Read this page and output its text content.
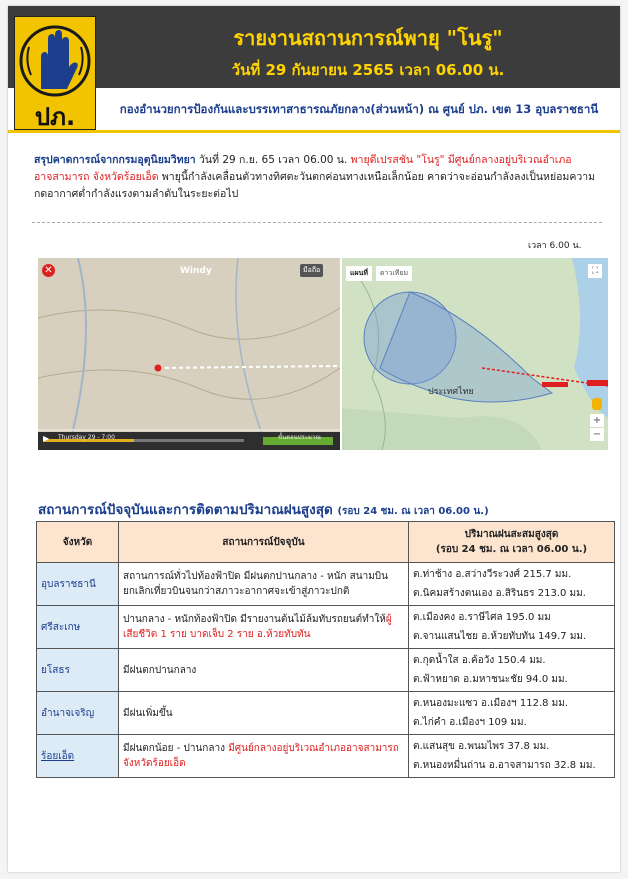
ปภ.
รายงานสถานการณ์พายุ "โนรู"
วันที่ 29 กันยายน 2565 เวลา 06.00 น.
กองอำนวยการป้องกันและบรรเทาสาธารณภัยกลาง(ส่วนหน้า) ณ ศูนย์ ปภ. เขต 13 อุบลราชธานี
สรุปคาดการณ์จากกรมอุตุนิยมวิทยา วันที่ 29 ก.ย. 65 เวลา 06.00 น. พายุดีเปรสชัน "โนรู" มีศูนย์กลางอยู่บริเวณอำเภออาจสามารถ จังหวัดร้อยเอ็ด พายุนี้กำลังเคลื่อนตัวทางทิศตะวันตกค่อนทางเหนือเล็กน้อย คาดว่าจะอ่อนกำลังลงเป็นหย่อมความกดอากาศต่ำกำลังแรงตามลำดับในระยะต่อไป
เวลา 6.00 น.
✕	Windy	มือถือ
Thursday 29 - 7:00
▶	ขั้นตอนประมาณ
แผนที่	ดาวเทียม	⛶
ประเทศไทย
+
−
สถานการณ์ปัจจุบันและการติดตามปริมาณฝนสูงสุด (รอบ 24 ชม. ณ เวลา 06.00 น.)
จังหวัด	สถานการณ์ปัจจุบัน	ปริมาณฝนสะสมสูงสุด
(รอบ 24 ชม. ณ เวลา 06.00 น.)

อุบลราชธานี	สถานการณ์ทั่วไปท้องฟ้าปิด มีฝนตกปานกลาง - หนัก สนามบินยกเลิกเที่ยวบินจนกว่าสภาวะอากาศจะเข้าสู่ภาวะปกติ	ต.ท่าช้าง อ.สว่างวีระวงศ์ 215.7 มม.
ต.นิคมสร้างตนเอง อ.สิรินธร 213.0 มม.

ศรีสะเกษ	ปานกลาง - หนักท้องฟ้าปิด มีรายงานต้นไม้ล้มทับรถยนต์ทำให้ผู้เสียชีวิต 1 ราย บาดเจ็บ 2 ราย อ.ห้วยทับทัน	ต.เมืองคง อ.ราษีไศล 195.0 มม
ต.จานแสนไชย อ.ห้วยทับทัน 149.7 มม.

ยโสธร	มีฝนตกปานกลาง	ต.กุดน้ำใส อ.ค้อวัง 150.4 มม.
ต.ฟ้าหยาด อ.มหาชนะชัย 94.0 มม.

อำนาจเจริญ	มีฝนเพิ่มขึ้น	ต.หนองมะแซว อ.เมืองฯ 112.8 มม.
ต.ไก่คำ อ.เมืองฯ 109 มม.

ร้อยเอ็ด	มีฝนตกน้อย - ปานกลาง มีศูนย์กลางอยู่บริเวณอำเภออาจสามารถ จังหวัดร้อยเอ็ด	ต.แสนสุข อ.พนมไพร 37.8 มม.
ต.หนองหมื่นถ่าน อ.อาจสามารถ 32.8 มม.
